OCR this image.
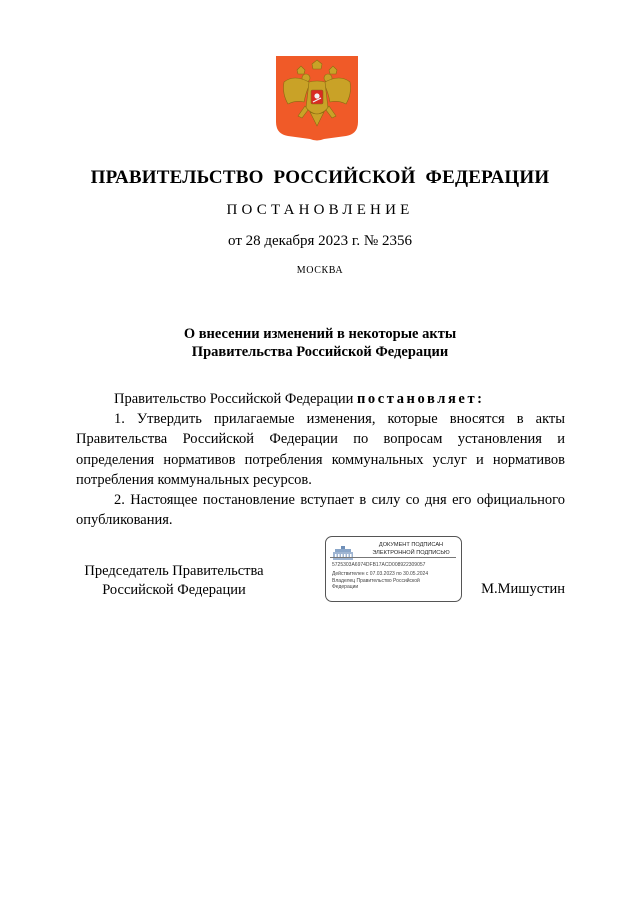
ПРАВИТЕЛЬСТВО РОССИЙСКОЙ ФЕДЕРАЦИИ
ПОСТАНОВЛЕНИЕ
от 28 декабря 2023 г. № 2356
МОСКВА
О внесении изменений в некоторые акты
Правительства Российской Федерации

Правительство Российской Федерации постановляет:

1. Утвердить прилагаемые изменения, которые вносятся в акты Правительства Российской Федерации по вопросам установления и определения нормативов потребления коммунальных услуг и нормативов потребления коммунальных ресурсов.

2. Настоящее постановление вступает в силу со дня его официального опубликования.

Председатель Правительства
Российской Федерации
ДОКУМЕНТ ПОДПИСАН
ЭЛЕКТРОННОЙ ПОДПИСЬЮ
5725303A6974DFB17ACD008922309057
Действителен с 07.03.2023 по 30.05.2024
Владелец Правительство Российской
Федерации	М.Мишустин
